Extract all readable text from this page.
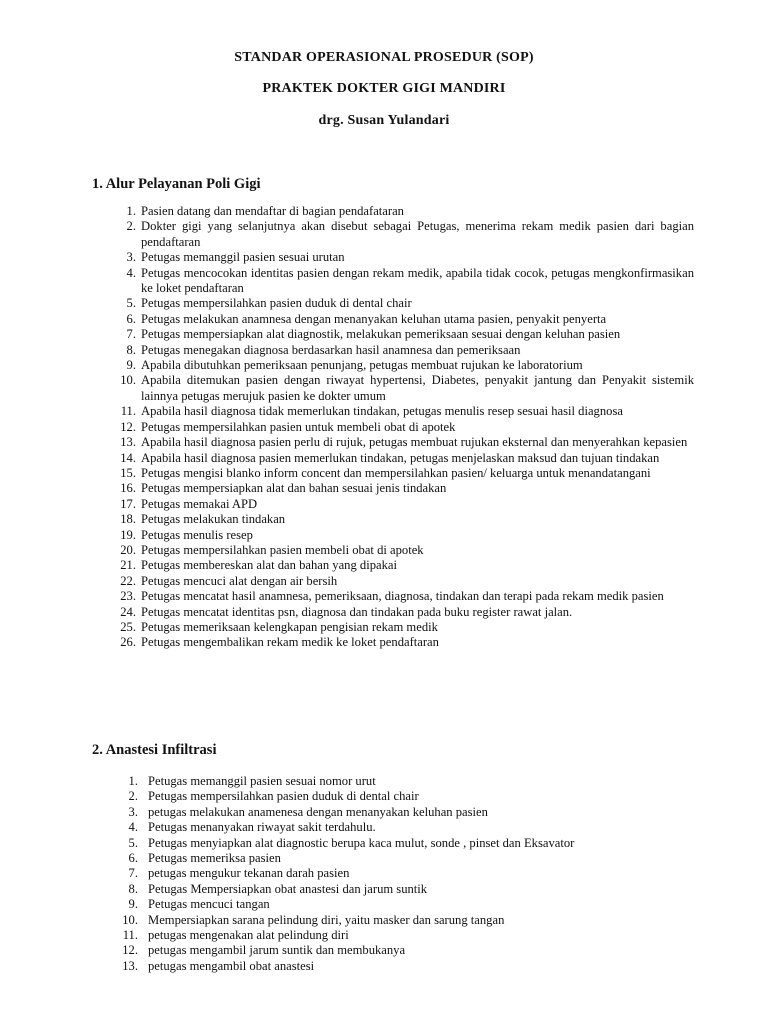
STANDAR OPERASIONAL PROSEDUR (SOP)
PRAKTEK DOKTER GIGI MANDIRI
drg. Susan Yulandari
1. Alur Pelayanan Poli Gigi
1. Pasien datang dan mendaftar di bagian pendafataran
2. Dokter gigi yang selanjutnya akan disebut sebagai Petugas, menerima rekam medik pasien dari bagian pendaftaran
3. Petugas memanggil pasien sesuai urutan
4. Petugas mencocokan identitas pasien dengan rekam medik, apabila tidak cocok, petugas mengkonfirmasikan ke loket pendaftaran
5. Petugas mempersilahkan pasien duduk di dental chair
6. Petugas melakukan anamnesa dengan menanyakan keluhan utama pasien, penyakit penyerta
7. Petugas mempersiapkan alat diagnostik, melakukan pemeriksaan sesuai dengan keluhan pasien
8. Petugas menegakan diagnosa berdasarkan hasil anamnesa dan pemeriksaan
9. Apabila dibutuhkan pemeriksaan penunjang, petugas membuat rujukan ke laboratorium
10. Apabila ditemukan pasien dengan riwayat hypertensi, Diabetes, penyakit jantung dan Penyakit sistemik lainnya petugas merujuk pasien ke dokter umum
11. Apabila hasil diagnosa tidak memerlukan tindakan, petugas menulis resep sesuai hasil diagnosa
12. Petugas mempersilahkan pasien untuk membeli obat di apotek
13. Apabila hasil diagnosa pasien perlu di rujuk, petugas membuat rujukan eksternal dan menyerahkan kepasien
14. Apabila hasil diagnosa pasien memerlukan tindakan, petugas menjelaskan maksud dan tujuan tindakan
15. Petugas mengisi blanko inform concent dan mempersilahkan pasien/ keluarga untuk menandatangani
16. Petugas mempersiapkan alat dan bahan sesuai jenis tindakan
17. Petugas memakai APD
18. Petugas melakukan tindakan
19. Petugas menulis resep
20. Petugas mempersilahkan pasien membeli obat di apotek
21. Petugas membereskan alat dan bahan yang dipakai
22. Petugas mencuci alat dengan air bersih
23. Petugas mencatat hasil anamnesa, pemeriksaan, diagnosa, tindakan dan terapi pada rekam medik pasien
24. Petugas mencatat identitas psn, diagnosa dan tindakan pada buku register rawat jalan.
25. Petugas memeriksaan kelengkapan pengisian rekam medik
26. Petugas mengembalikan rekam medik ke loket pendaftaran
2. Anastesi Infiltrasi
1. Petugas memanggil pasien sesuai nomor urut
2. Petugas mempersilahkan pasien duduk di dental chair
3. petugas melakukan anamenesa dengan menanyakan keluhan pasien
4. Petugas menanyakan riwayat sakit terdahulu.
5. Petugas menyiapkan alat diagnostic berupa kaca mulut, sonde , pinset dan Eksavator
6. Petugas memeriksa pasien
7. petugas mengukur tekanan darah pasien
8. Petugas Mempersiapkan obat anastesi dan jarum suntik
9. Petugas mencuci tangan
10. Mempersiapkan sarana pelindung diri, yaitu masker dan sarung tangan
11. petugas mengenakan alat pelindung diri
12. petugas mengambil jarum suntik dan membukanya
13. petugas mengambil obat anastesi
